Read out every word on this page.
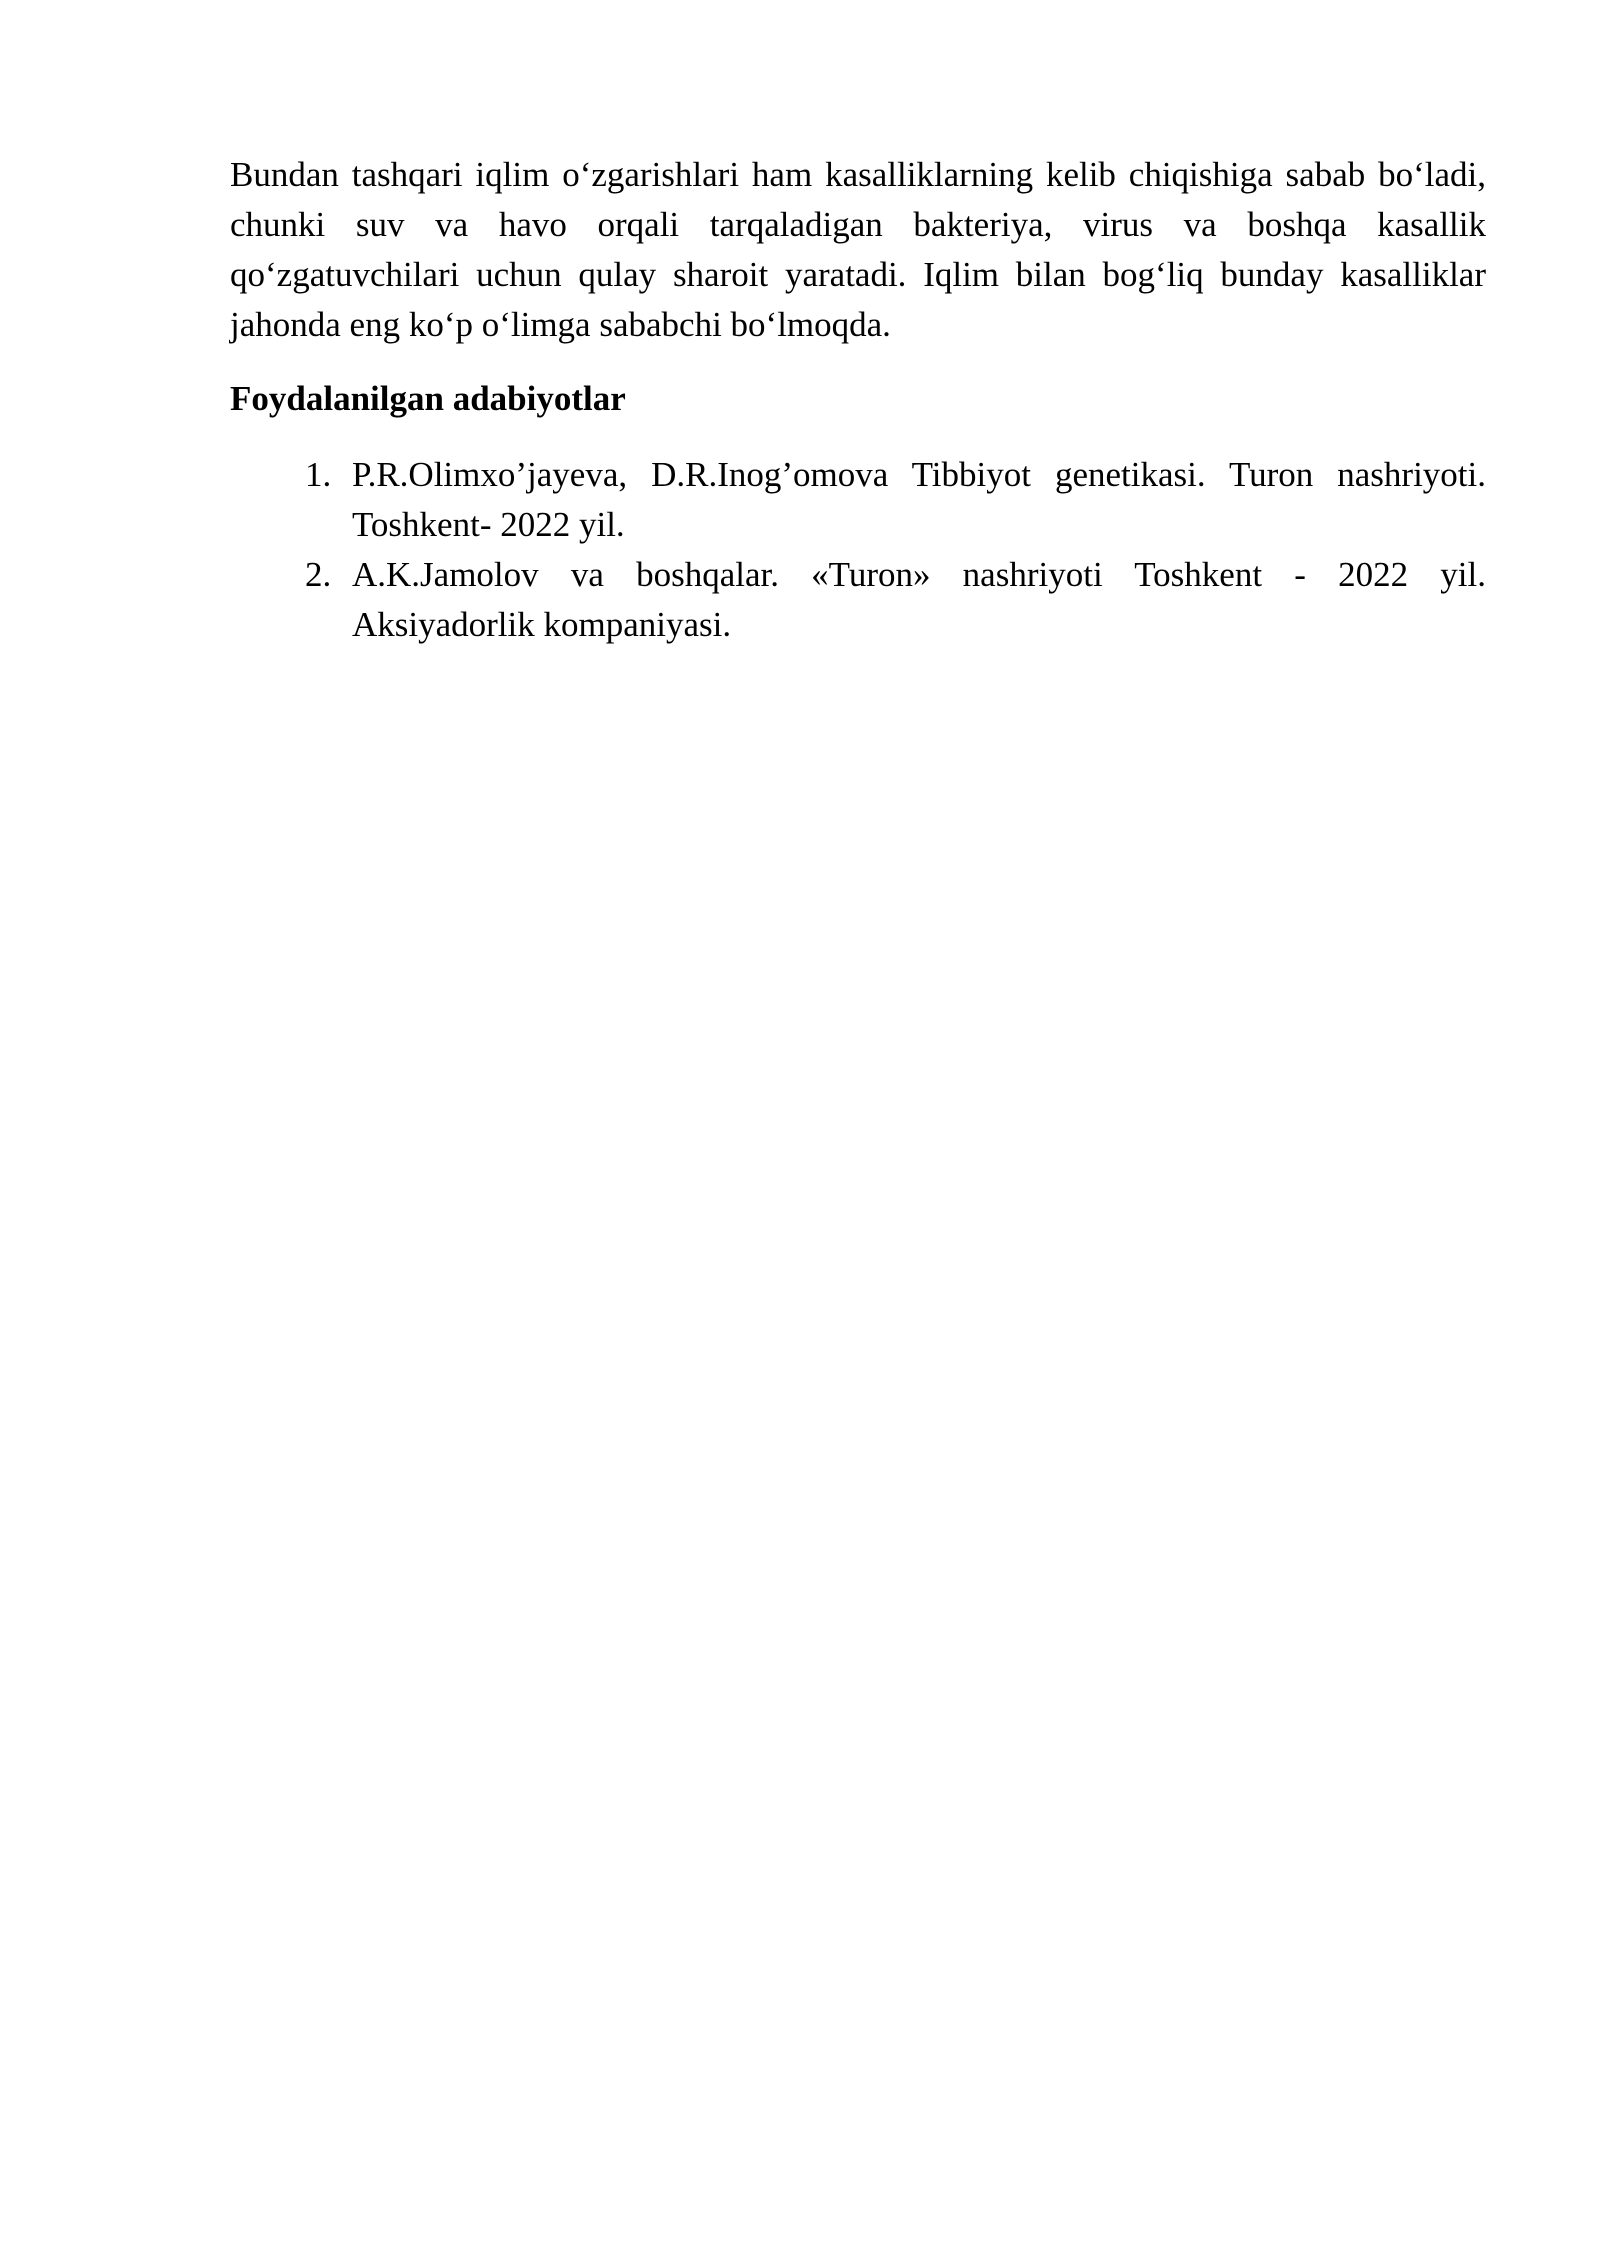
Bundan tashqari iqlim o‘zgarishlari ham kasalliklarning kelib chiqishiga sabab bo‘ladi, chunki suv va havo orqali tarqaladigan bakteriya, virus va boshqa kasallik qo‘zgatuvchilari uchun qulay sharoit yaratadi. Iqlim bilan bog‘liq bunday kasalliklar jahonda eng ko‘p o‘limga sababchi bo‘lmoqda.

Foydalanilgan adabiyotlar
1. P.R.Olimxo’jayeva, D.R.Inog’omova Tibbiyot genetikasi. Turon nashriyoti. Toshkent- 2022 yil.
2. A.K.Jamolov va boshqalar. «Turon» nashriyoti Toshkent - 2022 yil. Aksiyadorlik kompaniyasi.
